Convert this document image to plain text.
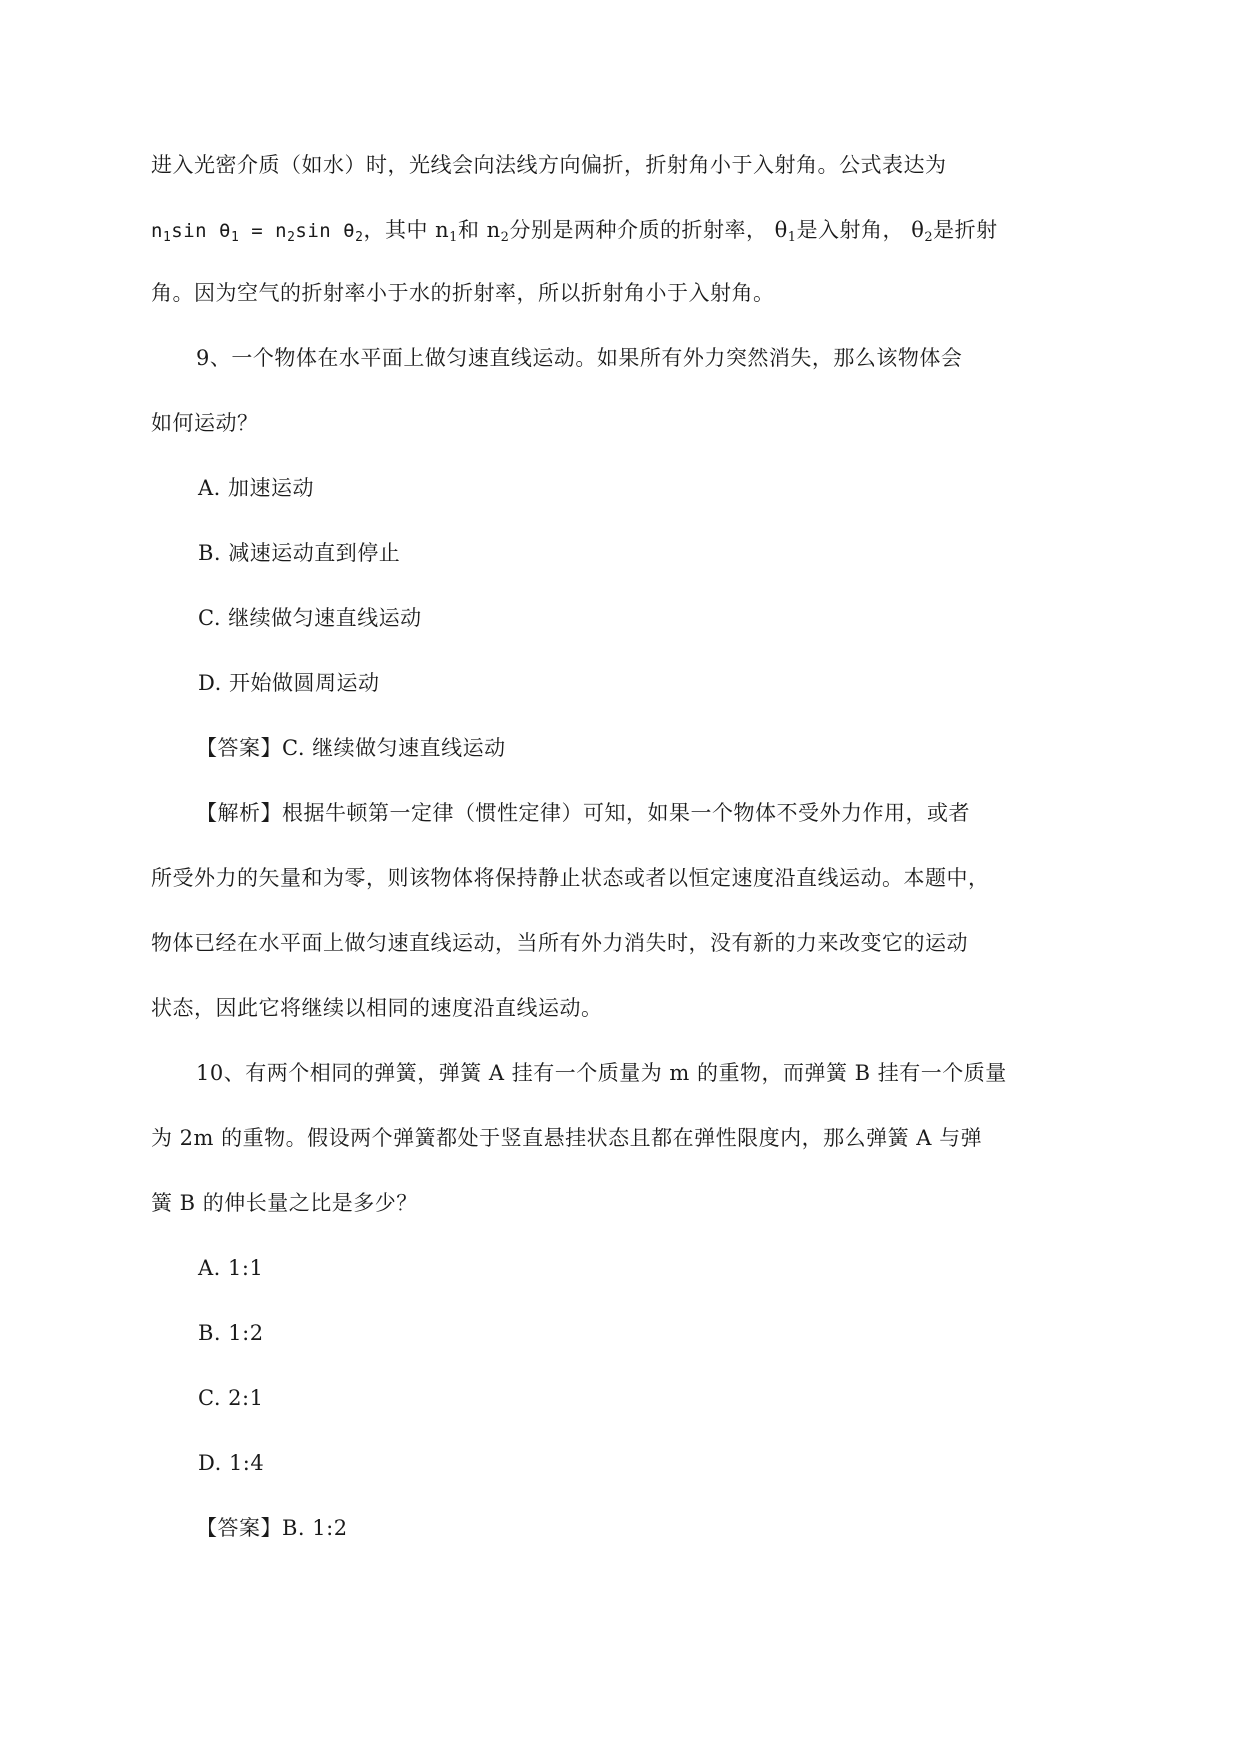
进入光密介质（如水）时，光线会向法线方向偏折，折射角小于入射角。公式表达为
$n_1\sin$ $\theta_1 = n_2\sin$ $\theta_2$，其中 $n_1$和 $n_2$分别是两种介质的折射率， $\theta_1$是入射角， $\theta_2$是折射
角。因为空气的折射率小于水的折射率，所以折射角小于入射角。
9、一个物体在水平面上做匀速直线运动。如果所有外力突然消失，那么该物体会
如何运动？
A. 加速运动
B. 减速运动直到停止
C. 继续做匀速直线运动
D. 开始做圆周运动
【答案】C. 继续做匀速直线运动
【解析】根据牛顿第一定律（惯性定律）可知，如果一个物体不受外力作用，或者
所受外力的矢量和为零，则该物体将保持静止状态或者以恒定速度沿直线运动。本题中，
物体已经在水平面上做匀速直线运动，当所有外力消失时，没有新的力来改变它的运动
状态，因此它将继续以相同的速度沿直线运动。
10、有两个相同的弹簧，弹簧 A 挂有一个质量为 m 的重物，而弹簧 B 挂有一个质量
为 2m 的重物。假设两个弹簧都处于竖直悬挂状态且都在弹性限度内，那么弹簧 A 与弹
簧 B 的伸长量之比是多少？
A. 1:1
B. 1:2
C. 2:1
D. 1:4
【答案】B. 1:2
